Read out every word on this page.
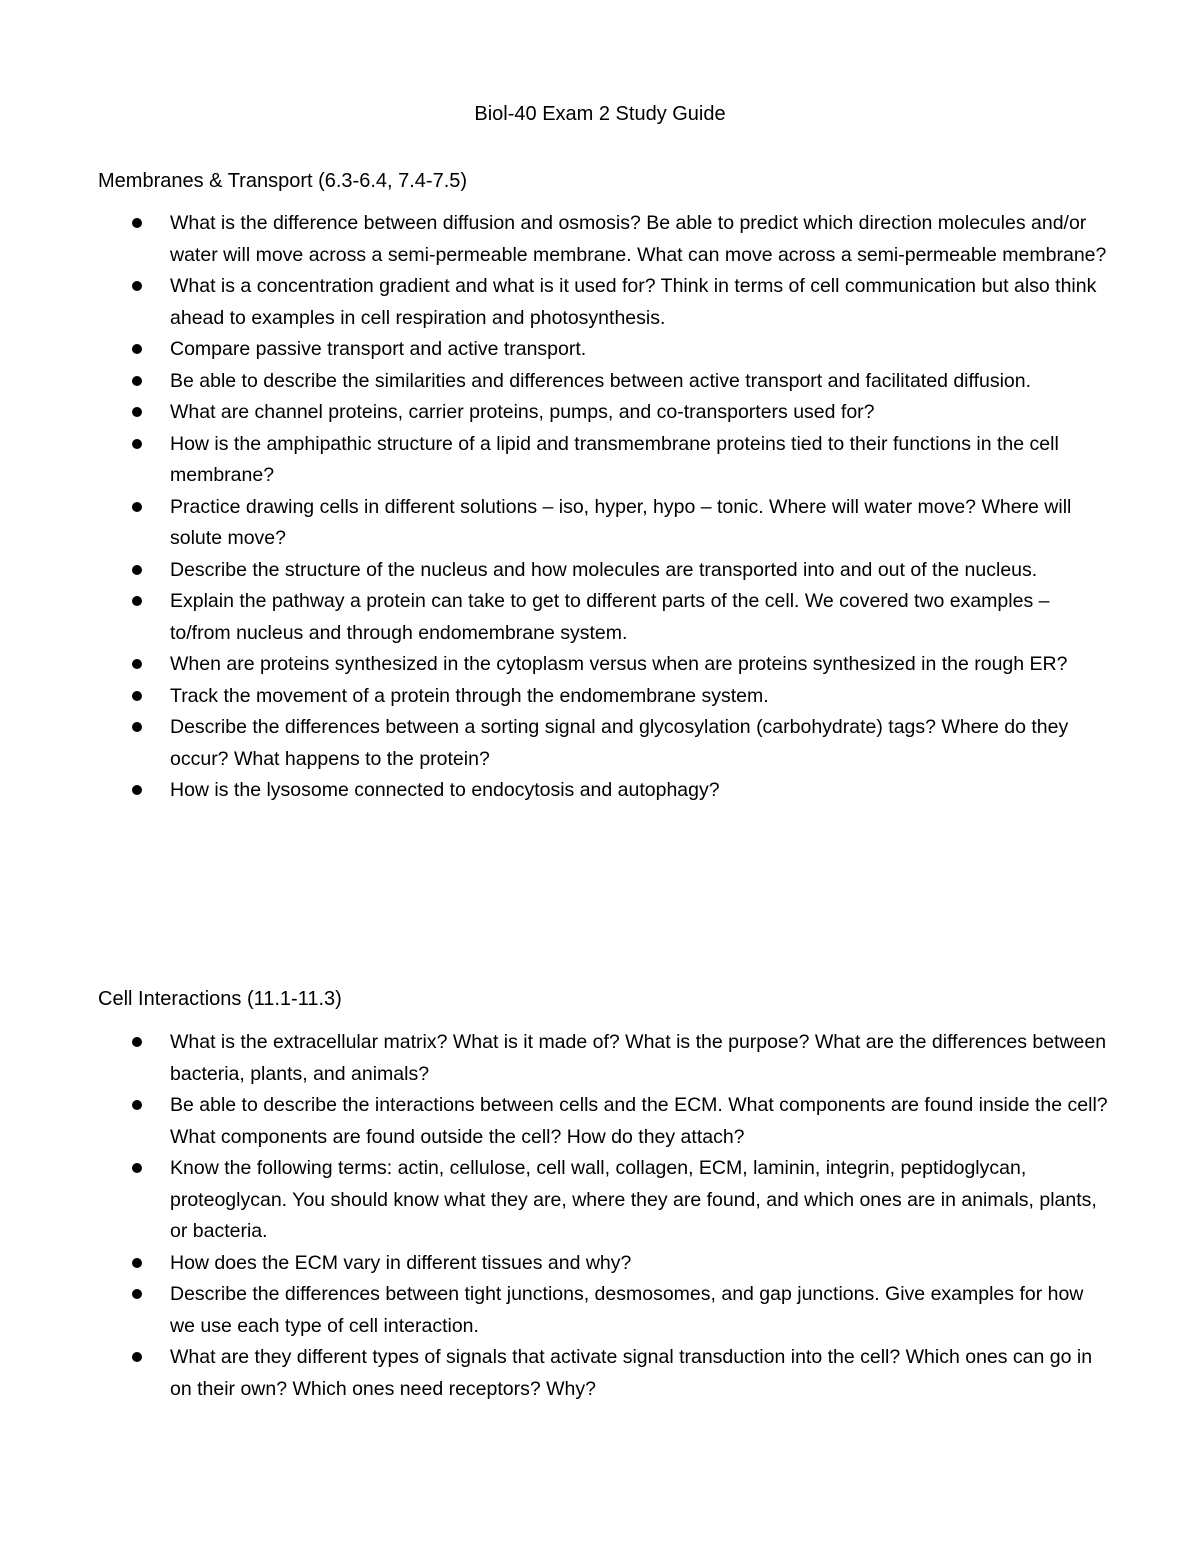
Biol-40 Exam 2 Study Guide
Membranes & Transport (6.3-6.4, 7.4-7.5)
What is the difference between diffusion and osmosis? Be able to predict which direction molecules and/or water will move across a semi-permeable membrane. What can move across a semi-permeable membrane?
What is a concentration gradient and what is it used for? Think in terms of cell communication but also think ahead to examples in cell respiration and photosynthesis.
Compare passive transport and active transport.
Be able to describe the similarities and differences between active transport and facilitated diffusion.
What are channel proteins, carrier proteins, pumps, and co-transporters used for?
How is the amphipathic structure of a lipid and transmembrane proteins tied to their functions in the cell membrane?
Practice drawing cells in different solutions – iso, hyper, hypo – tonic. Where will water move? Where will solute move?
Describe the structure of the nucleus and how molecules are transported into and out of the nucleus.
Explain the pathway a protein can take to get to different parts of the cell. We covered two examples – to/from nucleus and through endomembrane system.
When are proteins synthesized in the cytoplasm versus when are proteins synthesized in the rough ER?
Track the movement of a protein through the endomembrane system.
Describe the differences between a sorting signal and glycosylation (carbohydrate) tags? Where do they occur? What happens to the protein?
How is the lysosome connected to endocytosis and autophagy?
Cell Interactions (11.1-11.3)
What is the extracellular matrix? What is it made of? What is the purpose? What are the differences between bacteria, plants, and animals?
Be able to describe the interactions between cells and the ECM. What components are found inside the cell? What components are found outside the cell? How do they attach?
Know the following terms: actin, cellulose, cell wall, collagen, ECM, laminin, integrin, peptidoglycan, proteoglycan. You should know what they are, where they are found, and which ones are in animals, plants, or bacteria.
How does the ECM vary in different tissues and why?
Describe the differences between tight junctions, desmosomes, and gap junctions. Give examples for how we use each type of cell interaction.
What are they different types of signals that activate signal transduction into the cell? Which ones can go in on their own? Which ones need receptors? Why?
